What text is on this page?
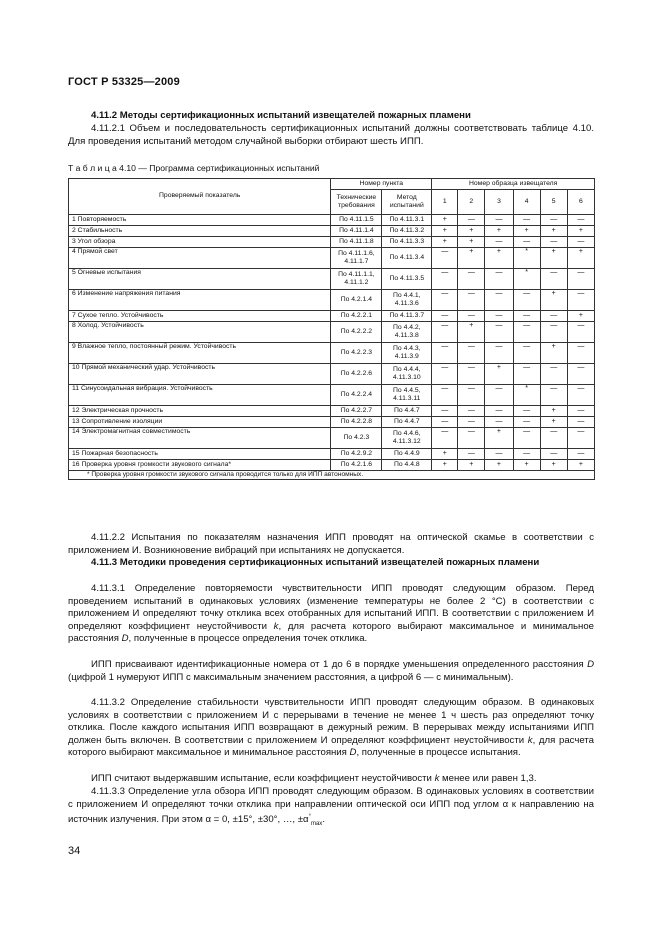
ГОСТ Р 53325—2009
4.11.2 Методы сертификационных испытаний извещателей пожарных пламени
4.11.2.1 Объем и последовательность сертификационных испытаний должны соответствовать таблице 4.10. Для проведения испытаний методом случайной выборки отбирают шесть ИПП.
Т а б л и ц а 4.10 — Программа сертификационных испытаний
Проверяемый показатель	Номер пункта		Номер образца извещателя					
	Технические требования	Метод испытаний	1	2	3	4	5	6
1 Повторяемость	По 4.11.1.5	По 4.11.3.1	+	—	—	—	—	—
2 Стабильность	По 4.11.1.4	По 4.11.3.2	+	+	+	+	+	+
3 Угол обзора	По 4.11.1.8	По 4.11.3.3	+	+	—	—	—	—
4 Прямой свет	По 4.11.1.6, 4.11.1.7	По 4.11.3.4	—	+	+	*	+	+
5 Огневые испытания	По 4.11.1.1, 4.11.1.2	По 4.11.3.5	—	—	—	*	—	—
6 Изменение напряжения питания	По 4.2.1.4	По 4.4.1, 4.11.3.6	—	—	—	—	+	—
7 Сухое тепло. Устойчивость	По 4.2.2.1	По 4.11.3.7	—	—	—	—	—	+
8 Холод. Устойчивость	По 4.2.2.2	По 4.4.2, 4.11.3.8	—	+	—	—	—	—
9 Влажное тепло, постоянный режим. Устойчивость	По 4.2.2.3	По 4.4.3, 4.11.3.9	—	—	—	—	+	—
10 Прямой механический удар. Устойчивость	По 4.2.2.6	По 4.4.4, 4.11.3.10	—	—	+	—	—	—
11 Синусоидальная вибрация. Устойчивость	По 4.2.2.4	По 4.4.5, 4.11.3.11	—	—	—	*	—	—
12 Электрическая прочность	По 4.2.2.7	По 4.4.7	—	—	—	—	+	—
13 Сопротивление изоляции	По 4.2.2.8	По 4.4.7	—	—	—	—	+	—
14 Электромагнитная совместимость	По 4.2.3	По 4.4.6, 4.11.3.12	—	—	+	—	—	—
15 Пожарная безопасность	По 4.2.9.2	По 4.4.9	+	—	—	—	—	—
16 Проверка уровня громкости звукового сигнала*	По 4.2.1.6	По 4.4.8	+	+	+	+	+	+
* Проверка уровня громкости звукового сигнала проводится только для ИПП автономных.								
4.11.2.2 Испытания по показателям назначения ИПП проводят на оптической скамье в соответствии с приложением И. Возникновение вибраций при испытаниях не допускается.
4.11.3 Методики проведения сертификационных испытаний извещателей пожарных пламени
4.11.3.1 Определение повторяемости чувствительности ИПП проводят следующим образом. Перед проведением испытаний в одинаковых условиях (изменение температуры не более 2 °С) в соответствии с приложением И определяют точку отклика всех отобранных для испытаний ИПП. В соответствии с приложением И определяют коэффициент неустойчивости k, для расчета которого выбирают максимальное и минимальное расстояния D, полученные в процессе определения точек отклика.
ИПП присваивают идентификационные номера от 1 до 6 в порядке уменьшения определенного расстояния D (цифрой 1 нумеруют ИПП с максимальным значением расстояния, а цифрой 6 — с минимальным).
4.11.3.2 Определение стабильности чувствительности ИПП проводят следующим образом. В одинаковых условиях в соответствии с приложением И с перерывами в течение не менее 1 ч шесть раз определяют точку отклика. После каждого испытания ИПП возвращают в дежурный режим. В перерывах между испытаниями ИПП должен быть включен. В соответствии с приложением И определяют коэффициент неустойчивости k, для расчета которого выбирают максимальное и минимальное расстояния D, полученные в процессе испытания.
ИПП считают выдержавшим испытание, если коэффициент неустойчивости k менее или равен 1,3.
4.11.3.3 Определение угла обзора ИПП проводят следующим образом. В одинаковых условиях в соответствии с приложением И определяют точки отклика при направлении оптической оси ИПП под углом α к направлению на источник излучения. При этом α = 0, ±15°, ±30°, …, $\pm\alpha^\circ_{max}$.
34
